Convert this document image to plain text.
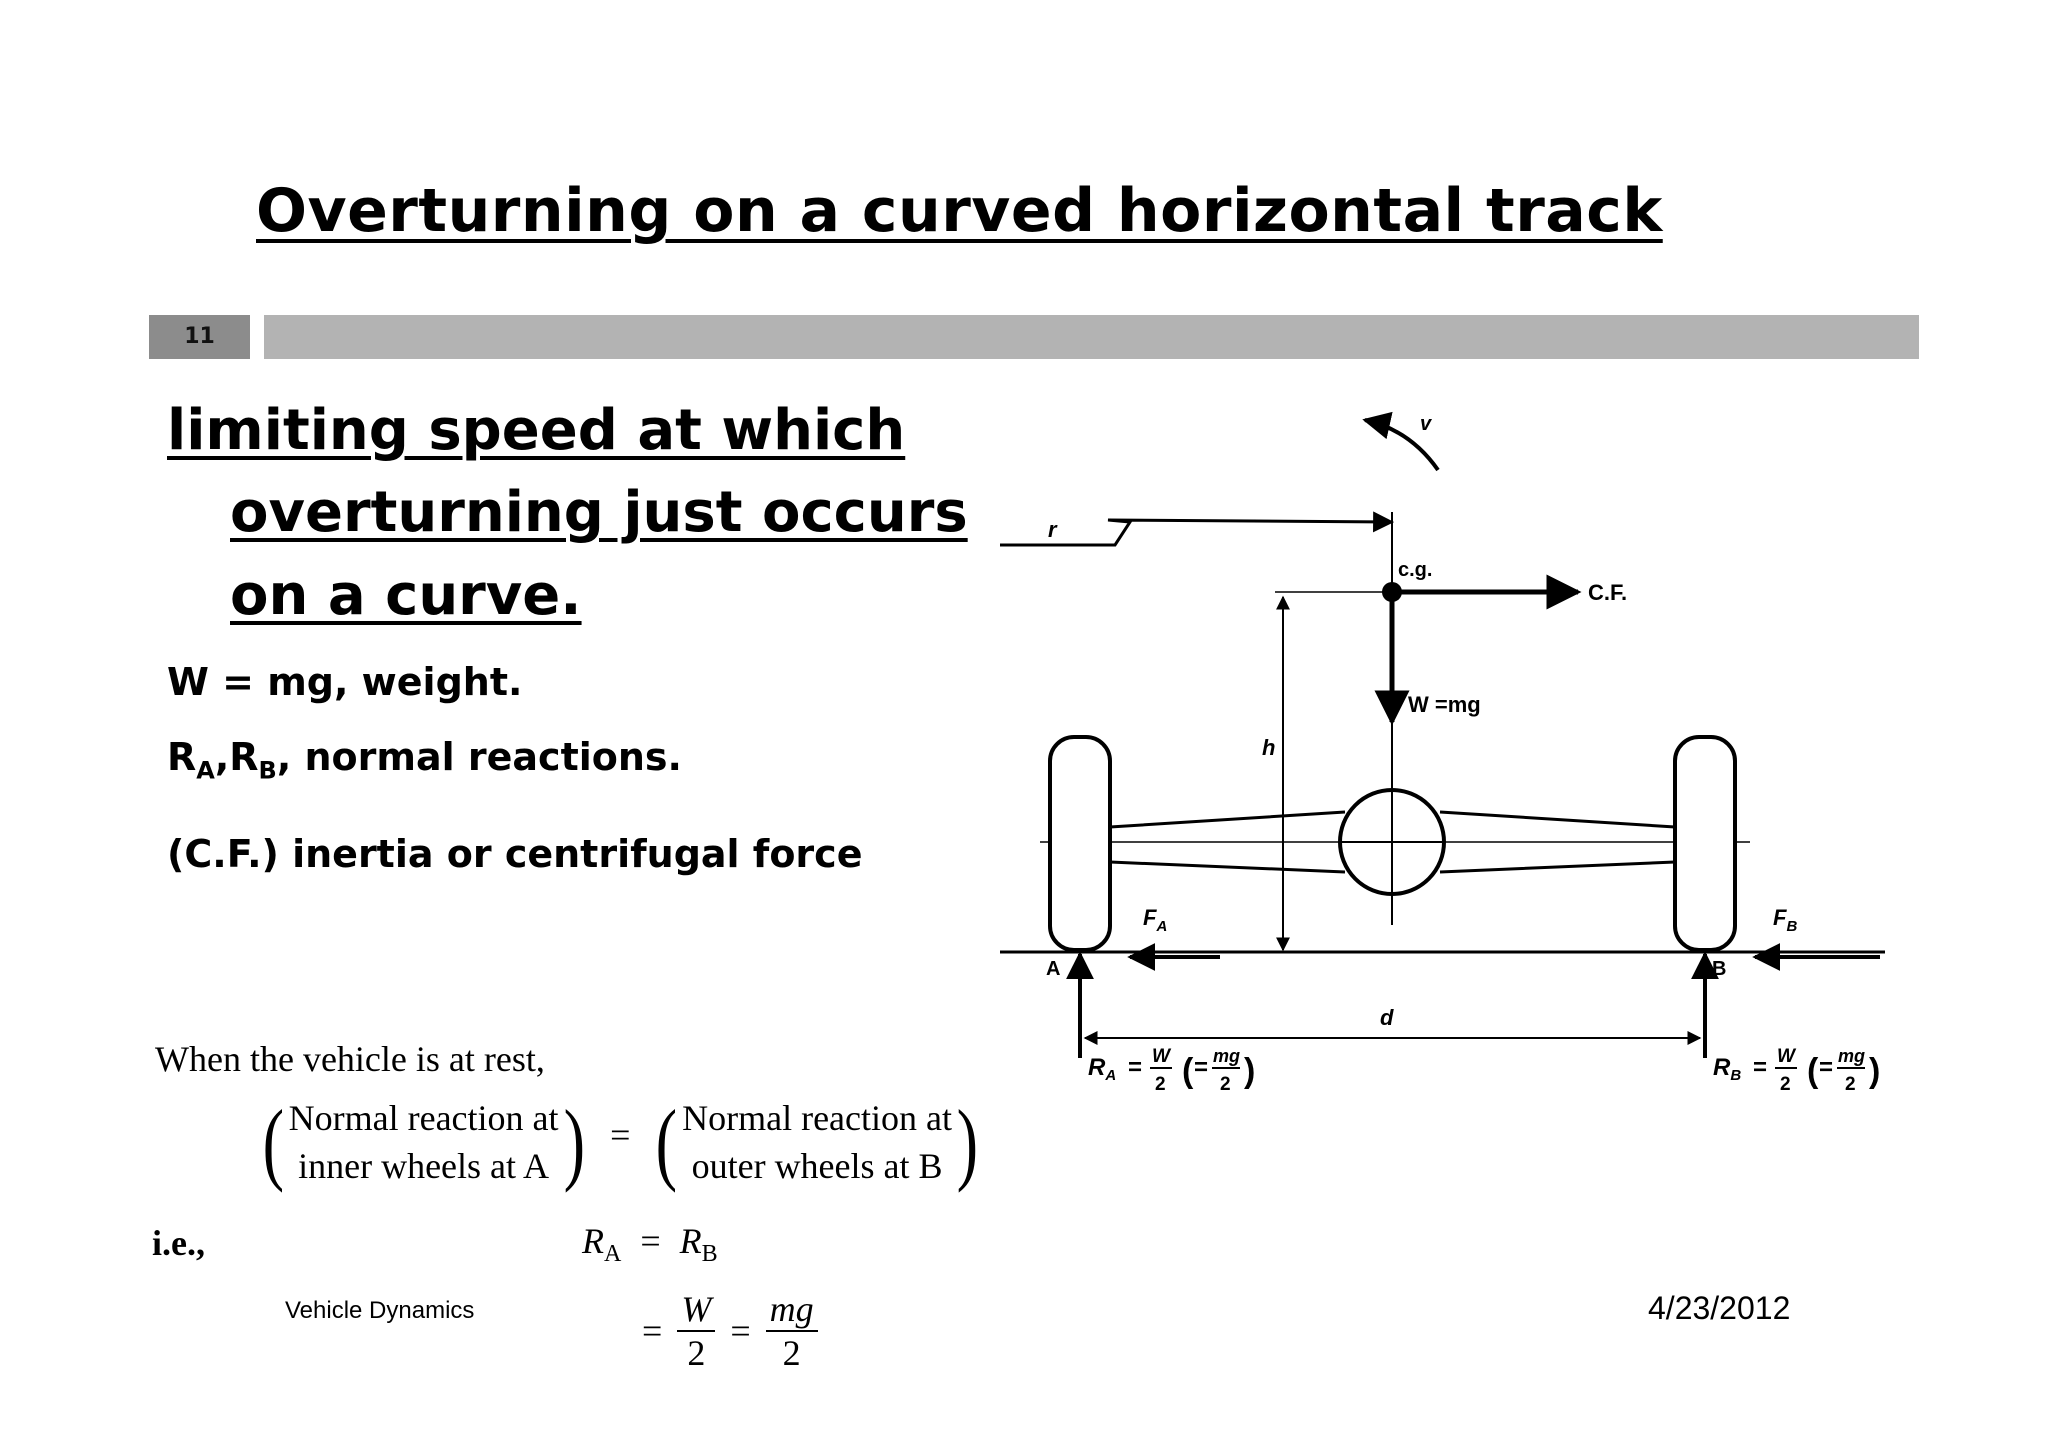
Overturning on a curved horizontal track
11
limiting speed at which
overturning just occurs
on a curve.
W = mg, weight.
$R_A,R_B$, normal reactions.
(C.F.) inertia or centrifugal force
When the vehicle is at rest,
( Normal reaction at
inner wheels at A ) = ( Normal reaction at
outer wheels at B )
i.e.,	$R_A = R_B$
= $\frac{W}{2} = \frac{mg}{2}$
Vehicle Dynamics	4/23/2012
v
r
c.g.
C.F.
W =mg
h
$F_A$	$F_B$
A	B
d
$R_A = W$
2 ( = mg
2 )	$R_B = W$
2 ( = mg
2 )
